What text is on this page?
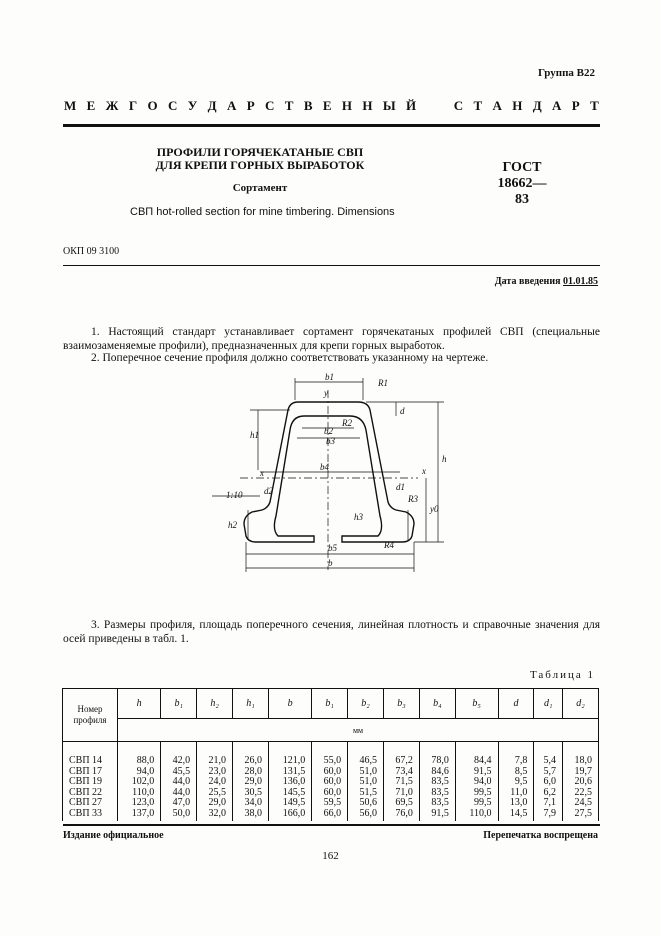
Группа В22
М Е Ж Г О С У Д А Р С Т В Е Н Н Ы Й

	С Т А Н Д А Р Т
ПРОФИЛИ ГОРЯЧЕКАТАНЫЕ СВП
ДЛЯ КРЕПИ ГОРНЫХ ВЫРАБОТОК
Сортамент
ГОСТ
18662—83
СВП hot-rolled section for mine timbering. Dimensions
ОКП 09 3100
Дата введения 01.01.85
1. Настоящий стандарт устанавливает сортамент горячекатаных профилей СВП (специальные взаимозаменяемые профили), предназначенных для крепи горных выработок.
2. Поперечное сечение профиля должно соответствовать указанному на чертеже.
b1
y
R1
R2
d
h1	b2
b3
h
x	x
b4
1:10 d2	d1
R3
y0
h2
h3
R4
b5
b
3. Размеры профиля, площадь поперечного сечения, линейная плотность и справочные значения для осей приведены в табл. 1.
Таблица 1
Номер
профиля	h	b₁	h₂	h₁	b	b₁	b₂	b₃	b₄	b₅	d	d₁	d₂
	мм												
СВП 14	88,0	42,0	21,0	26,0	121,0	55,0	46,5	67,2	78,0	84,4	7,8	5,4	18,0
СВП 17	94,0	45,5	23,0	28,0	131,5	60,0	51,0	73,4	84,6	91,5	8,5	5,7	19,7
СВП 19	102,0	44,0	24,0	29,0	136,0	60,0	51,0	71,5	83,5	94,0	9,5	6,0	20,6
СВП 22	110,0	44,0	25,5	30,5	145,5	60,0	51,5	71,0	83,5	99,5	11,0	6,2	22,5
СВП 27	123,0	47,0	29,0	34,0	149,5	59,5	50,6	69,5	83,5	99,5	13,0	7,1	24,5
СВП 33	137,0	50,0	32,0	38,0	166,0	66,0	56,0	76,0	91,5	110,0	14,5	7,9	27,5
Издание официальное	Перепечатка воспрещена
162
